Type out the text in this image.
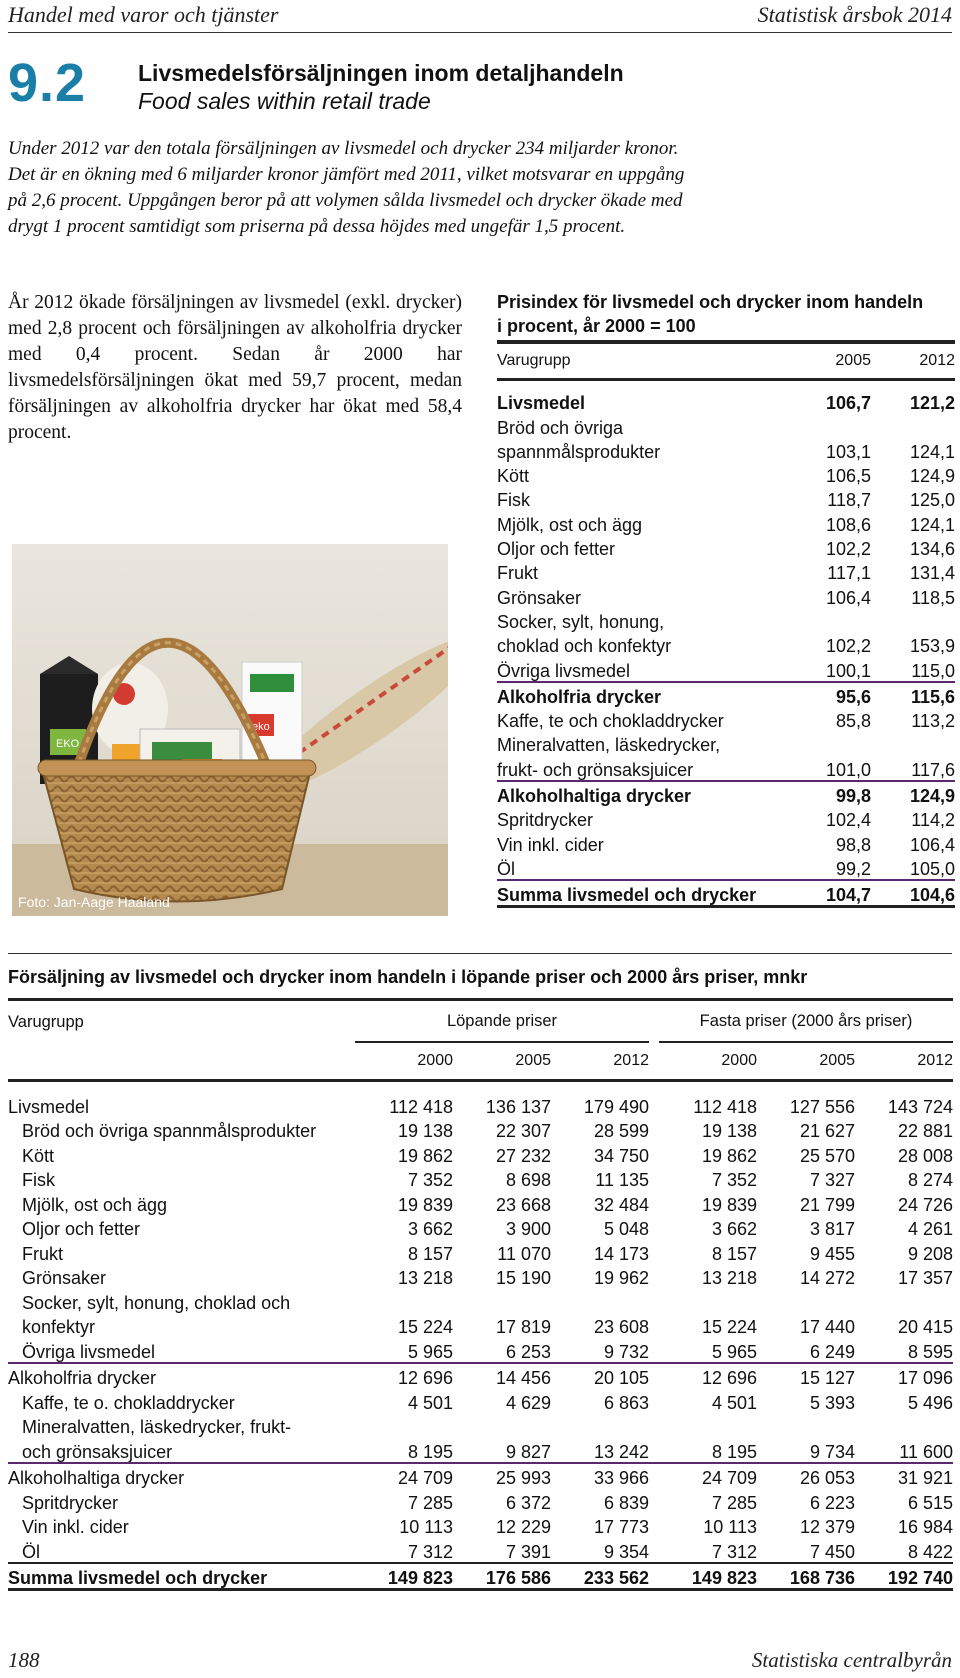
Handel med varor och tjänster	Statistisk årsbok 2014
9.2 Livsmedelsförsäljningen inom detaljhandeln
Food sales within retail trade
Under 2012 var den totala försäljningen av livsmedel och drycker 234 miljarder kronor. Det är en ökning med 6 miljarder kronor jämfört med 2011, vilket motsvarar en uppgång på 2,6 procent. Uppgången beror på att volymen sålda livsmedel och drycker ökade med drygt 1 procent samtidigt som priserna på dessa höjdes med ungefär 1,5 procent.
År 2012 ökade försäljningen av livsmedel (exkl. drycker) med 2,8 procent och försäljningen av alkoholfria drycker med 0,4 procent. Sedan år 2000 har livsmedelsförsäljningen ökat med 59,7 procent, medan försäljningen av alkoholfria drycker har ökat med 58,4 procent.
EKO
eko
Foto: Jan-Aage Haaland
Prisindex för livsmedel och drycker inom handeln i procent, år 2000 = 100
Varugrupp	2005	2012

Livsmedel	106,7	121,2
Bröd och övriga		
spannmålsprodukter	103,1	124,1
Kött	106,5	124,9
Fisk	118,7	125,0
Mjölk, ost och ägg	108,6	124,1
Oljor och fetter	102,2	134,6
Frukt	117,1	131,4
Grönsaker	106,4	118,5
Socker, sylt, honung,		
choklad och konfektyr	102,2	153,9
Övriga livsmedel	100,1	115,0
Alkoholfria drycker	95,6	115,6
Kaffe, te och chokladdrycker	85,8	113,2
Mineralvatten, läskedrycker,		
frukt- och grönsaksjuicer	101,0	117,6
Alkoholhaltiga drycker	99,8	124,9
Spritdrycker	102,4	114,2
Vin inkl. cider	98,8	106,4
Öl	99,2	105,0
Summa livsmedel och drycker	104,7	104,6
Försäljning av livsmedel och drycker inom handeln i löpande priser och 2000 års priser, mnkr
Varugrupp	Löpande priser				Fasta priser (2000 års priser)		
	2000	2005	2012		2000	2005	2012

Livsmedel	112 418	136 137	179 490		112 418	127 556	143 724
Bröd och övriga spannmålsprodukter	19 138	22 307	28 599		19 138	21 627	22 881
Kött	19 862	27 232	34 750		19 862	25 570	28 008
Fisk	7 352	8 698	11 135		7 352	7 327	8 274
Mjölk, ost och ägg	19 839	23 668	32 484		19 839	21 799	24 726
Oljor och fetter	3 662	3 900	5 048		3 662	3 817	4 261
Frukt	8 157	11 070	14 173		8 157	9 455	9 208
Grönsaker	13 218	15 190	19 962		13 218	14 272	17 357
Socker, sylt, honung, choklad och							
konfektyr	15 224	17 819	23 608		15 224	17 440	20 415
Övriga livsmedel	5 965	6 253	9 732		5 965	6 249	8 595
Alkoholfria drycker	12 696	14 456	20 105		12 696	15 127	17 096
Kaffe, te o. chokladdrycker	4 501	4 629	6 863		4 501	5 393	5 496
Mineralvatten, läskedrycker, frukt-							
och grönsaksjuicer	8 195	9 827	13 242		8 195	9 734	11 600
Alkoholhaltiga drycker	24 709	25 993	33 966		24 709	26 053	31 921
Spritdrycker	7 285	6 372	6 839		7 285	6 223	6 515
Vin inkl. cider	10 113	12 229	17 773		10 113	12 379	16 984
Öl	7 312	7 391	9 354		7 312	7 450	8 422
Summa livsmedel och drycker	149 823	176 586	233 562		149 823	168 736	192 740
188	Statistiska centralbyrån
